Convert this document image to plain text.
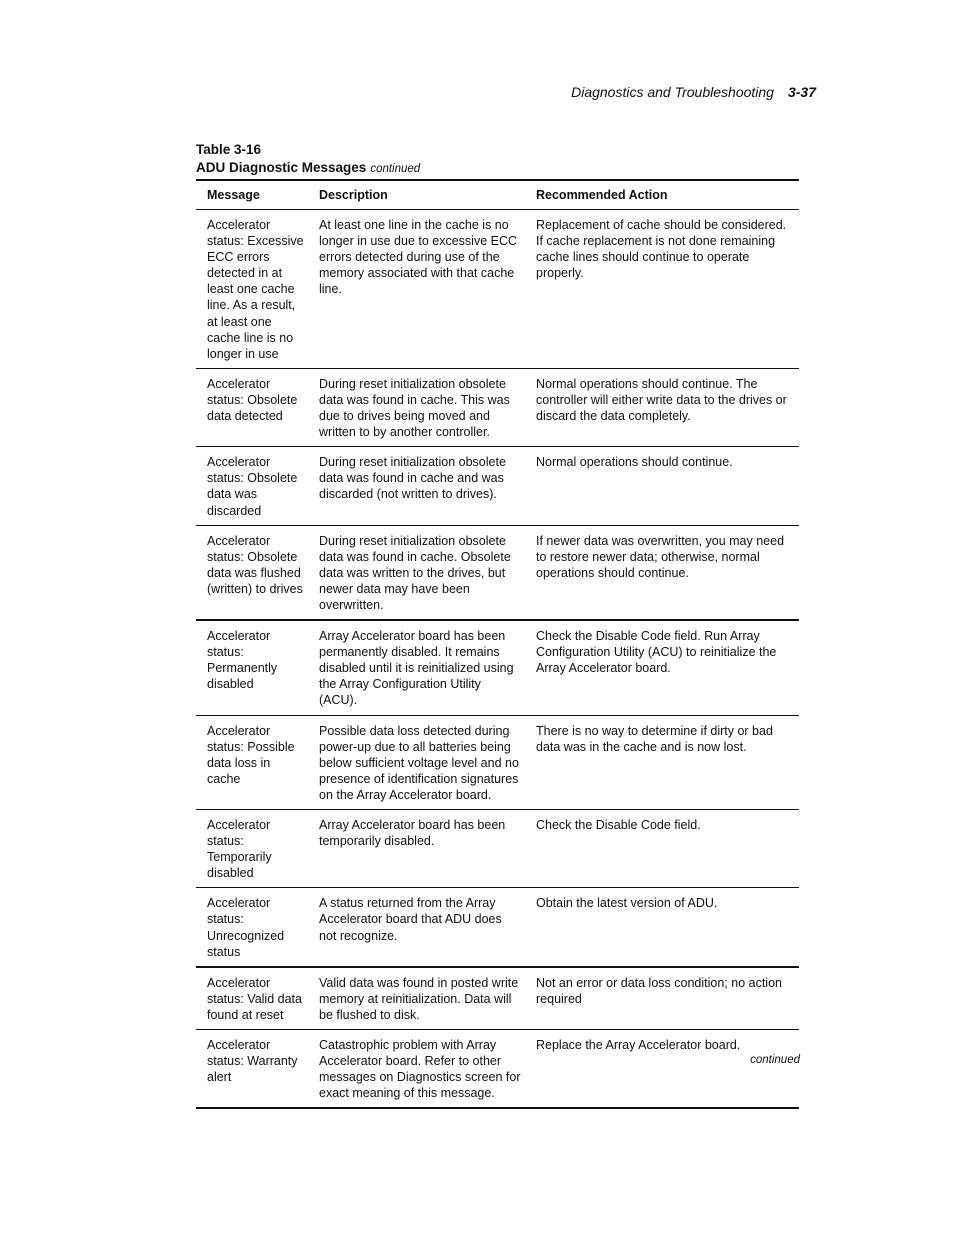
Diagnostics and Troubleshooting 3-37
Table 3-16
ADU Diagnostic Messages continued
Message	Description	Recommended Action
Accelerator status: Excessive ECC errors detected in at least one cache line. As a result, at least one cache line is no longer in use	At least one line in the cache is no longer in use due to excessive ECC errors detected during use of the memory associated with that cache line.	Replacement of cache should be considered. If cache replacement is not done remaining cache lines should continue to operate properly.
Accelerator status: Obsolete data detected	During reset initialization obsolete data was found in cache. This was due to drives being moved and written to by another controller.	Normal operations should continue. The controller will either write data to the drives or discard the data completely.
Accelerator status: Obsolete data was discarded	During reset initialization obsolete data was found in cache and was discarded (not written to drives).	Normal operations should continue.
Accelerator status: Obsolete data was flushed (written) to drives	During reset initialization obsolete data was found in cache. Obsolete data was written to the drives, but newer data may have been overwritten.	If newer data was overwritten, you may need to restore newer data; otherwise, normal operations should continue.
Accelerator status: Permanently disabled	Array Accelerator board has been permanently disabled. It remains disabled until it is reinitialized using the Array Configuration Utility (ACU).	Check the Disable Code field. Run Array Configuration Utility (ACU) to reinitialize the Array Accelerator board.
Accelerator status: Possible data loss in cache	Possible data loss detected during power-up due to all batteries being below sufficient voltage level and no presence of identification signatures on the Array Accelerator board.	There is no way to determine if dirty or bad data was in the cache and is now lost.
Accelerator status: Temporarily disabled	Array Accelerator board has been temporarily disabled.	Check the Disable Code field.
Accelerator status: Unrecognized status	A status returned from the Array Accelerator board that ADU does not recognize.	Obtain the latest version of ADU.
Accelerator status: Valid data found at reset	Valid data was found in posted write memory at reinitialization. Data will be flushed to disk.	Not an error or data loss condition; no action required
Accelerator status: Warranty alert	Catastrophic problem with Array Accelerator board. Refer to other messages on Diagnostics screen for exact meaning of this message.	Replace the Array Accelerator board.
continued
